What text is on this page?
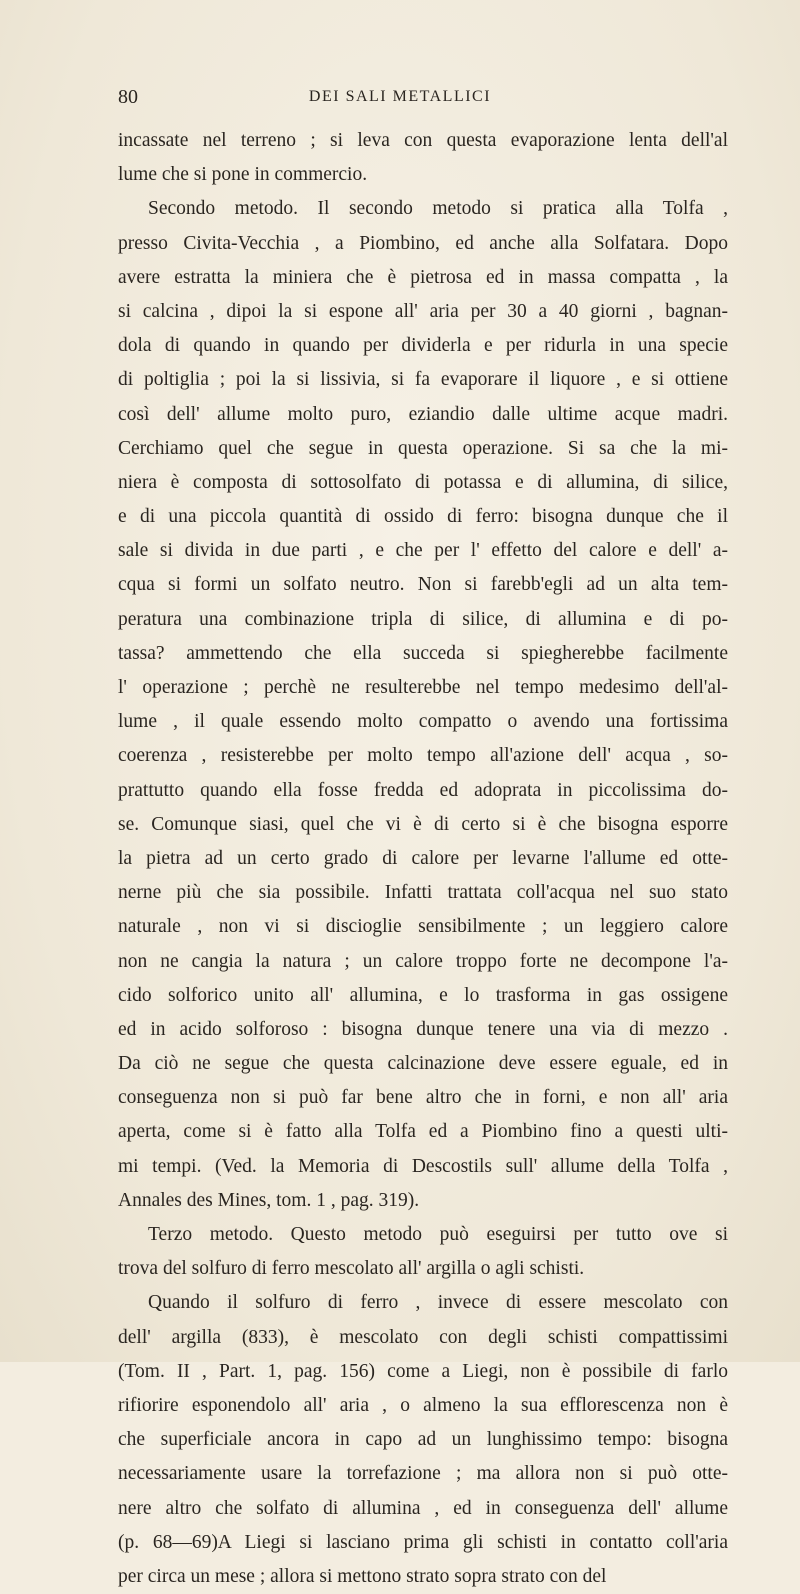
80	DEI SALI METALLICI
incassate nel terreno ; si leva con questa evaporazione lenta dell'al
lume che si pone in commercio.
Secondo metodo. Il secondo metodo si pratica alla Tolfa ,
presso Civita-Vecchia , a Piombino, ed anche alla Solfatara. Dopo
avere estratta la miniera che è pietrosa ed in massa compatta , la
si calcina , dipoi la si espone all' aria per 30 a 40 giorni , bagnan-
dola di quando in quando per dividerla e per ridurla in una specie
di poltiglia ; poi la si lissivia, si fa evaporare il liquore , e si ottiene
così dell' allume molto puro, eziandio dalle ultime acque madri.
Cerchiamo quel che segue in questa operazione. Si sa che la mi-
niera è composta di sottosolfato di potassa e di allumina, di silice,
e di una piccola quantità di ossido di ferro: bisogna dunque che il
sale si divida in due parti , e che per l' effetto del calore e dell' a-
cqua si formi un solfato neutro. Non si farebb'egli ad un alta tem-
peratura una combinazione tripla di silice, di allumina e di po-
tassa? ammettendo che ella succeda si spiegherebbe facilmente
l' operazione ; perchè ne resulterebbe nel tempo medesimo dell'al-
lume , il quale essendo molto compatto o avendo una fortissima
coerenza , resisterebbe per molto tempo all'azione dell' acqua , so-
prattutto quando ella fosse fredda ed adoprata in piccolissima do-
se. Comunque siasi, quel che vi è di certo si è che bisogna esporre
la pietra ad un certo grado di calore per levarne l'allume ed otte-
nerne più che sia possibile. Infatti trattata coll'acqua nel suo stato
naturale , non vi si discioglie sensibilmente ; un leggiero calore
non ne cangia la natura ; un calore troppo forte ne decompone l'a-
cido solforico unito all' allumina, e lo trasforma in gas ossigene
ed in acido solforoso : bisogna dunque tenere una via di mezzo .
Da ciò ne segue che questa calcinazione deve essere eguale, ed in
conseguenza non si può far bene altro che in forni, e non all' aria
aperta, come si è fatto alla Tolfa ed a Piombino fino a questi ulti-
mi tempi. (Ved. la Memoria di Descostils sull' allume della Tolfa ,
Annales des Mines, tom. 1 , pag. 319).
Terzo metodo. Questo metodo può eseguirsi per tutto ove si
trova del solfuro di ferro mescolato all' argilla o agli schisti.
Quando il solfuro di ferro , invece di essere mescolato con
dell' argilla (833), è mescolato con degli schisti compattissimi
(Tom. II , Part. 1, pag. 156) come a Liegi, non è possibile di farlo
rifiorire esponendolo all' aria , o almeno la sua efflorescenza non è
che superficiale ancora in capo ad un lunghissimo tempo: bisogna
necessariamente usare la torrefazione ; ma allora non si può otte-
nere altro che solfato di allumina , ed in conseguenza dell' allume
(p. 68—69)A Liegi si lasciano prima gli schisti in contatto coll'aria
per circa un mese ; allora si mettono strato sopra strato con del
